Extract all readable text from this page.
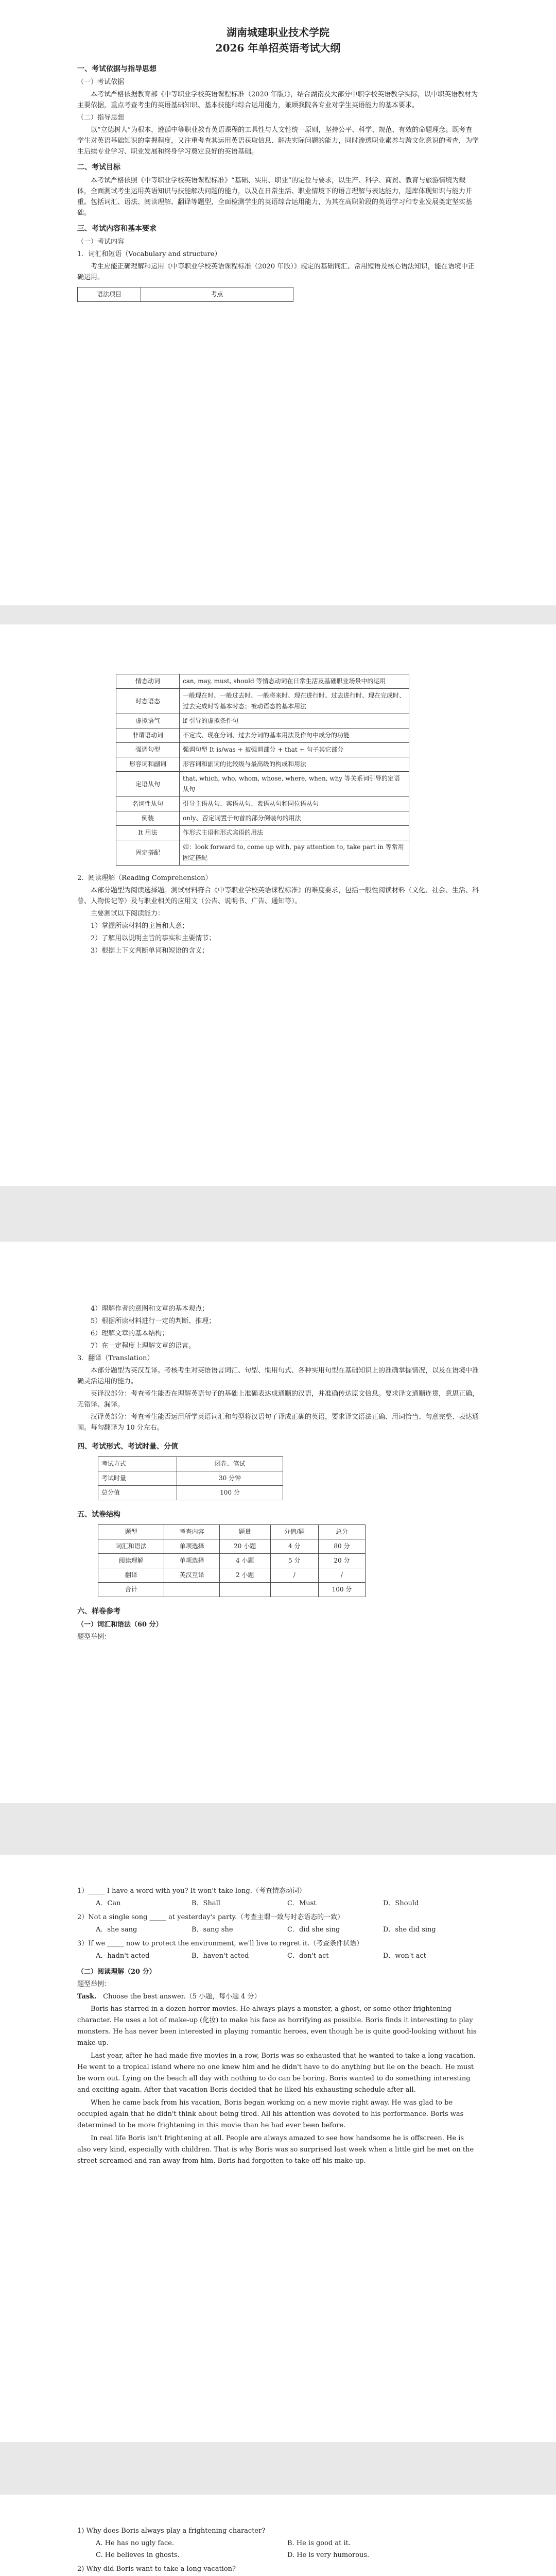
湖南城建职业技术学院
2026 年单招英语考试大纲
一、考试依据与指导思想

（一）考试依据

本考试严格依据教育部《中等职业学校英语课程标准（2020 年版）》，结合湖南及大部分中职学校英语教学实际，以中职英语教材为主要依据，重点考查考生的英语基础知识、基本技能和综合运用能力，兼顾我院各专业对学生英语能力的基本要求。

（二）指导思想

以“立德树人”为根本，遵循中等职业教育英语课程的工具性与人文性统一原则，坚持公平、科学、规范、有效的命题理念。既考查学生对英语基础知识的掌握程度，又注重考查其运用英语获取信息、解决实际问题的能力，同时渗透职业素养与跨文化意识的考查，为学生后续专业学习、职业发展和终身学习奠定良好的英语基础。

二、考试目标

本考试严格依照《中等职业学校英语课程标准》“基础、实用、职业”的定位与要求，以生产、科学、商贸、教育与旅游情境为载体，全面测试考生运用英语知识与技能解决问题的能力，以及在日常生活、职业情境下的语言理解与表达能力，题库体现知识与能力并重。包括词汇、语法、阅读理解、翻译等题型，全面检测学生的英语综合运用能力，为其在高职阶段的英语学习和专业发展奠定坚实基础。

三、考试内容和基本要求

（一）考试内容

1．词汇和短语（Vocabulary and structure）

考生应能正确理解和运用《中等职业学校英语课程标准（2020 年版）》规定的基础词汇、常用短语及核心语法知识，能在语境中正确运用。

语法项目	考点
情态动词	can, may, must, should 等情态动词在日常生活及基础职业场景中的运用
时态语态	一般现在时、一般过去时、一般将来时、现在进行时、过去进行时、现在完成时、过去完成时等基本时态；被动语态的基本用法
虚拟语气	if 引导的虚拟条件句
非谓语动词	不定式、现在分词、过去分词的基本用法及作句中成分的功能
强调句型	强调句型 It is/was + 被强调部分 + that + 句子其它部分
形容词和副词	形容词和副词的比较级与最高级的构成和用法
定语从句	that, which, who, whom, whose, where, when, why 等关系词引导的定语从句
名词性从句	引导主语从句、宾语从句、表语从句和同位语从句
倒装	only、否定词置于句首的部分倒装句的用法
It 用法	作形式主语和形式宾语的用法
固定搭配	如：look forward to, come up with, pay attention to, take part in 等常用固定搭配

2．阅读理解（Reading Comprehension）

本部分题型为阅读选择题。测试材料符合《中等职业学校英语课程标准》的难度要求，包括一般性阅读材料（文化、社会、生活、科普、人物传记等）及与职业相关的应用文（公告、说明书、广告、通知等）。

主要测试以下阅读能力：

1）掌握所读材料的主旨和大意；

2）了解用以说明主旨的事实和主要情节；

3）根据上下文判断单词和短语的含义；

4）理解作者的意图和文章的基本观点；

5）根据所读材料进行一定的判断、推理；

6）理解文章的基本结构；

7）在一定程度上理解文章的语言。

3．翻译（Translation）

本部分题型为英汉互译。考核考生对英语语言词汇、句型、惯用句式、各种实用句型在基础知识上的准确掌握情况，以及在语境中准确灵活运用的能力。

英译汉部分：考查考生能否在理解英语句子的基础上准确表达成通顺的汉语，并准确传达原文信息。要求译文通顺连贯，意思正确，无错译、漏译。

汉译英部分：考查考生能否运用所学英语词汇和句型将汉语句子译成正确的英语，要求译文语法正确、用词恰当、句意完整、表达通顺。每句翻译为 10 分左右。

四、考试形式、考试时量、分值
考试方式	闭卷、笔试
考试时量	30 分钟
总分值	100 分
五、试卷结构
题型	考查内容	题量	分值/题	总分
词汇和语法	单项选择	20 小题	4 分	80 分
阅读理解	单项选择	4 小题	5 分	20 分
翻译	英汉互译	2 小题	/	/
合计				100 分
六、样卷参考

（一）词汇和语法（60 分）

题型举例：

1）_____ I have a word with you? It won't take long.（考查情态动词）

A．Can	B．Shall	C．Must	D．Should

2）Not a single song _____ at yesterday's party.（考查主谓一致与时态语态的一致）

A．she sang	B．sang she	C．did she sing	D．she did sing

3）If we _____ now to protect the environment, we'll live to regret it.（考查条件状语）

A．hadn't acted	B．haven't acted	C．don't act	D．won't act

（二）阅读理解（20 分）

题型举例：

Task. Choose the best answer.（5 小题，每小题 4 分）

Boris has starred in a dozen horror movies. He always plays a monster, a ghost, or some other frightening character. He uses a lot of make-up (化妆) to make his face as horrifying as possible. Boris finds it interesting to play monsters. He has never been interested in playing romantic heroes, even though he is quite good-looking without his make-up.

Last year, after he had made five movies in a row, Boris was so exhausted that he wanted to take a long vacation. He went to a tropical island where no one knew him and he didn't have to do anything but lie on the beach. He must be worn out. Lying on the beach all day with nothing to do can be boring. Boris wanted to do something interesting and exciting again. After that vacation Boris decided that he liked his exhausting schedule after all.

When he came back from his vacation, Boris began working on a new movie right away. He was glad to be occupied again that he didn't think about being tired. All his attention was devoted to his performance. Boris was determined to be more frightening in this movie than he had ever been before.

In real life Boris isn't frightening at all. People are always amazed to see how handsome he is offscreen. He is also very kind, especially with children. That is why Boris was so surprised last week when a little girl he met on the street screamed and ran away from him. Boris had forgotten to take off his make-up.

1) Why does Boris always play a frightening character?

A. He has no ugly face.	B. He is good at it.
C. He believes in ghosts.	D. He is very humorous.

2) Why did Boris want to take a long vacation?
